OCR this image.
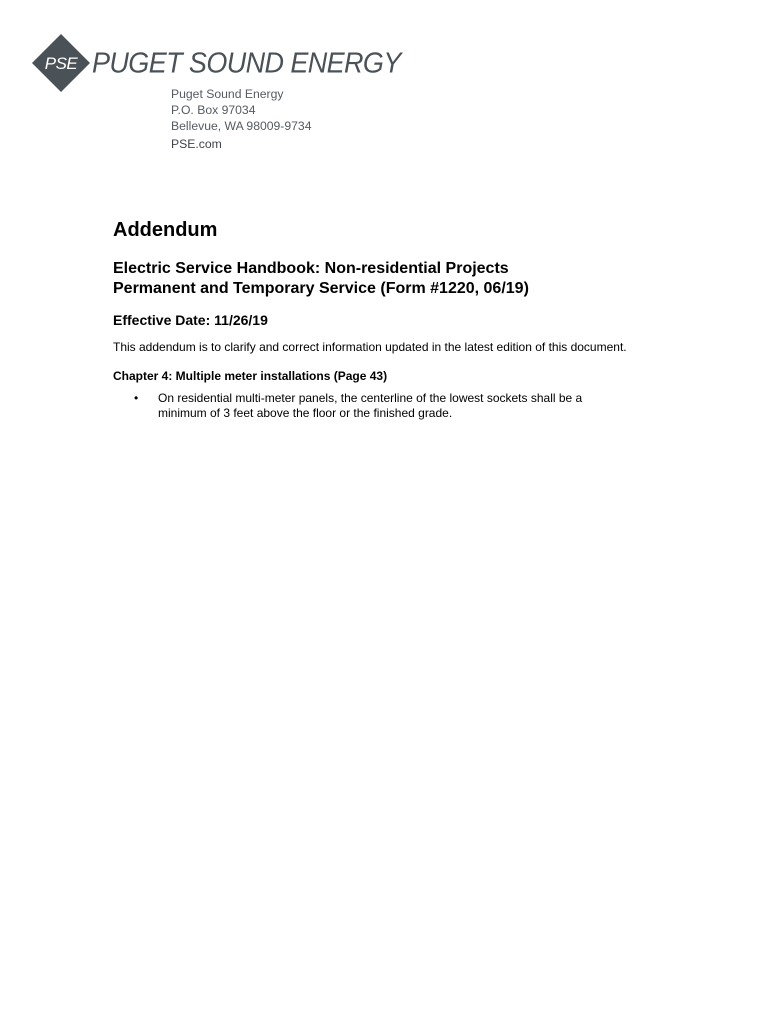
PSE PUGET SOUND ENERGY
Puget Sound Energy
P.O. Box 97034
Bellevue, WA 98009-9734
PSE.com
Addendum
Electric Service Handbook: Non-residential Projects
Permanent and Temporary Service (Form #1220, 06/19)
Effective Date: 11/26/19

This addendum is to clarify and correct information updated in the latest edition of this document.

Chapter 4: Multiple meter installations (Page 43)
• On residential multi-meter panels, the centerline of the lowest sockets shall be a minimum of 3 feet above the floor or the finished grade.
